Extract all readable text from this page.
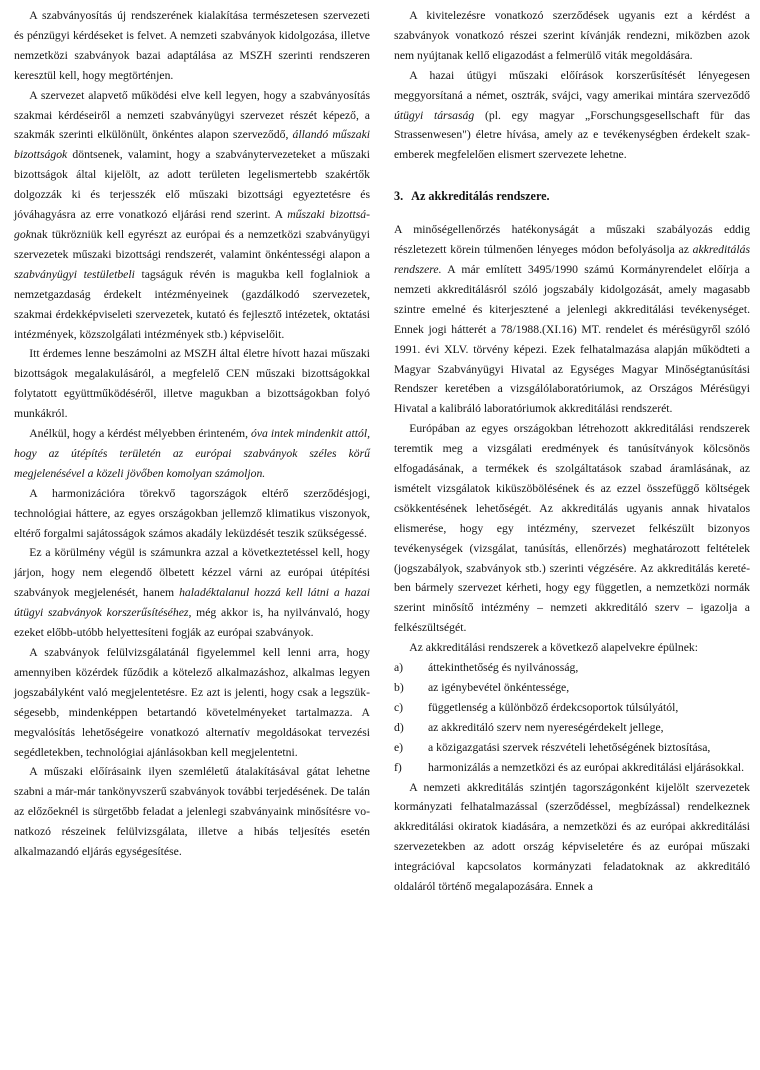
A szabványosítás új rendszerének kialakítása természetesen szervezeti és pénzügyi kérdéseket is felvet. A nemzeti szabványok kidolgozása, illetve nemzetközi szabványok bazai adaptálása az MSZH szerinti rendszeren keresztül kell, hogy megtörténjen.

A szervezet alapvető működési elve kell legyen, hogy a szabványosítás szakmai kérdéseiről a nemzeti szabványügyi szervezet részét képező, a szakmák szerinti elkülönült, önkéntes alapon szerveződő, állandó műszaki bizottságok döntsenek, valamint, hogy a szabványtervezeteket a műszaki bizottságok által kijelölt, az adott területen legelismertebb szakértők dolgozzák ki és terjesszék elő műszaki bizottsági egyeztetésre és jóváhagyásra az erre vonatkozó eljárási rend szerint. A műszaki bizottságoknak tükrözniük kell egyrészt az európai és a nemzetközi szabványügyi szervezetek műszaki bizottsági rendszerét, valamint önkéntességi alapon a szabványügyi testületbeli tagságuk révén is magukba kell foglalniok a nemzetgazdaság érdekelt intézményeinek (gazdálkodó szervezetek, szakmai érdekképviseleti szervezetek, kutató és fejlesztő intézetek, oktatási intézmények, közszolgálati intézmények stb.) képviselőit.

Itt érdemes lenne beszámolni az MSZH által életre hívott hazai műszaki bizottságok megalakulásáról, a megfelelő CEN műszaki bizottságokkal folytatott együttműködéséről, illetve magukban a bizottságokban folyó munkákról.

Anélkül, hogy a kérdést mélyebben érinteném, óva intek mindenkit attól, hogy az útépítés területén az európai szabványok széles körű megjelenésével a közeli jövőben komolyan számoljon.

A harmonizációra törekvő tagországok eltérő szerződésjogi, technológiai háttere, az egyes országokban jellemző klimatikus viszonyok, eltérő forgalmi sajátosságok számos akadály leküzdését teszik szükségessé.

Ez a körülmény végül is számunkra azzal a következtetéssel kell, hogy járjon, hogy nem elegendő ölbetett kézzel várni az európai útépítési szabványok megjelenését, hanem haladéktalanul hozzá kell látni a hazai útügyi szabványok korszerűsítéséhez, még akkor is, ha nyilvánvaló, hogy ezeket előbb-utóbb helyettesíteni fogják az európai szabványok.

A szabványok felülvizsgálatánál figyelemmel kell lenni arra, hogy amennyiben közérdek fűződik a kötelező alkalmazáshoz, alkalmas legyen jogszabályként való megjelentetésre. Ez azt is jelenti, hogy csak a legszükségesebb, mindenképpen betartandó követelményeket tartalmazza. A megvalósítás lehetőségeire vonatkozó alternatív megoldásokat tervezési segédletekben, technológiai ajánlásokban kell megjelentetni.

A műszaki előírásaink ilyen szemléletű átalakításával gátat lehetne szabni a már-már tankönyvszerű szabványok további terjedésének. De talán az előzőeknél is sürgetőbb feladat a jelenlegi szabványaink minősítésre vonatkozó részeinek felülvizsgálata, illetve a hibás teljesítés esetén alkalmazandó eljárás egységesítése.

A kivitelezésre vonatkozó szerződések ugyanis ezt a kérdést a szabványok vonatkozó részei szerint kívánják rendezni, miközben azok nem nyújtanak kellő eligazodást a felmerülő viták megoldására.

A hazai útügyi műszaki előírások korszerűsítését lényegesen meggyorsítaná a német, osztrák, svájci, vagy amerikai mintára szerveződő útügyi társaság (pl. egy magyar „Forschungsgesellschaft für das Strassenwesen") életre hívása, amely az e tevékenységben érdekelt szakemberek megfelelően elismert szervezete lehetne.

3. Az akkreditálás rendszere.

A minőségellenőrzés hatékonyságát a műszaki szabályozás eddig részletezett körein túlmenően lényeges módon befolyásolja az akkreditálás rendszere. A már említett 3495/1990 számú Kormányrendelet előírja a nemzeti akkreditálásról szóló jogszabály kidolgozását, amely magasabb szintre emelné és kiterjesztené a jelenlegi akkreditálási tevékenységet. Ennek jogi hátterét a 78/1988.(XI.16) MT. rendelet és mérésügyről szóló 1991. évi XLV. törvény képezi. Ezek felhatalmazása alapján működteti a Magyar Szabványügyi Hivatal az Egységes Magyar Minőségtanúsítási Rendszer keretében a vizsgálólaboratóriumok, az Országos Mérésügyi Hivatal a kalibráló laboratóriumok akkreditálási rendszerét.

Európában az egyes országokban létrehozott akkreditálási rendszerek teremtik meg a vizsgálati eredmények és tanúsítványok kölcsönös elfogadásának, a termékek és szolgáltatások szabad áramlásának, az ismételt vizsgálatok kiküszöbölésének és az ezzel összefüggő költségek csökkentésének lehetőségét. Az akkreditálás ugyanis annak hivatalos elismerése, hogy egy intézmény, szervezet felkészült bizonyos tevékenységek (vizsgálat, tanúsítás, ellenőrzés) meghatározott feltételek (jogszabályok, szabványok stb.) szerinti végzésére. Az akkreditálás keretében bármely szervezet kérheti, hogy egy független, a nemzetközi normák szerint minősítő intézmény – nemzeti akkreditáló szerv – igazolja a felkészültségét.

Az akkreditálási rendszerek a következő alapelvekre épülnek:

a)	áttekinthetőség és nyilvánosság,
b)	az igénybevétel önkéntessége,
c)	függetlenség a különböző érdekcsoportok túlsúlyától,
d)	az akkreditáló szerv nem nyereségérdekelt jellege,
e)	a közigazgatási szervek részvételi lehetőségének biztosítása,
f)	harmonizálás a nemzetközi és az európai akkreditálási eljárásokkal.

A nemzeti akkreditálás szintjén tagországonként kijelölt szervezetek kormányzati felhatalmazással (szerződéssel, megbízással) rendelkeznek akkreditálási okiratok kiadására, a nemzetközi és az európai akkreditálási szervezetekben az adott ország képviseletére és az európai műszaki integrációval kapcsolatos kormányzati feladatoknak az akkreditáló oldaláról történő megalapozására. Ennek a
